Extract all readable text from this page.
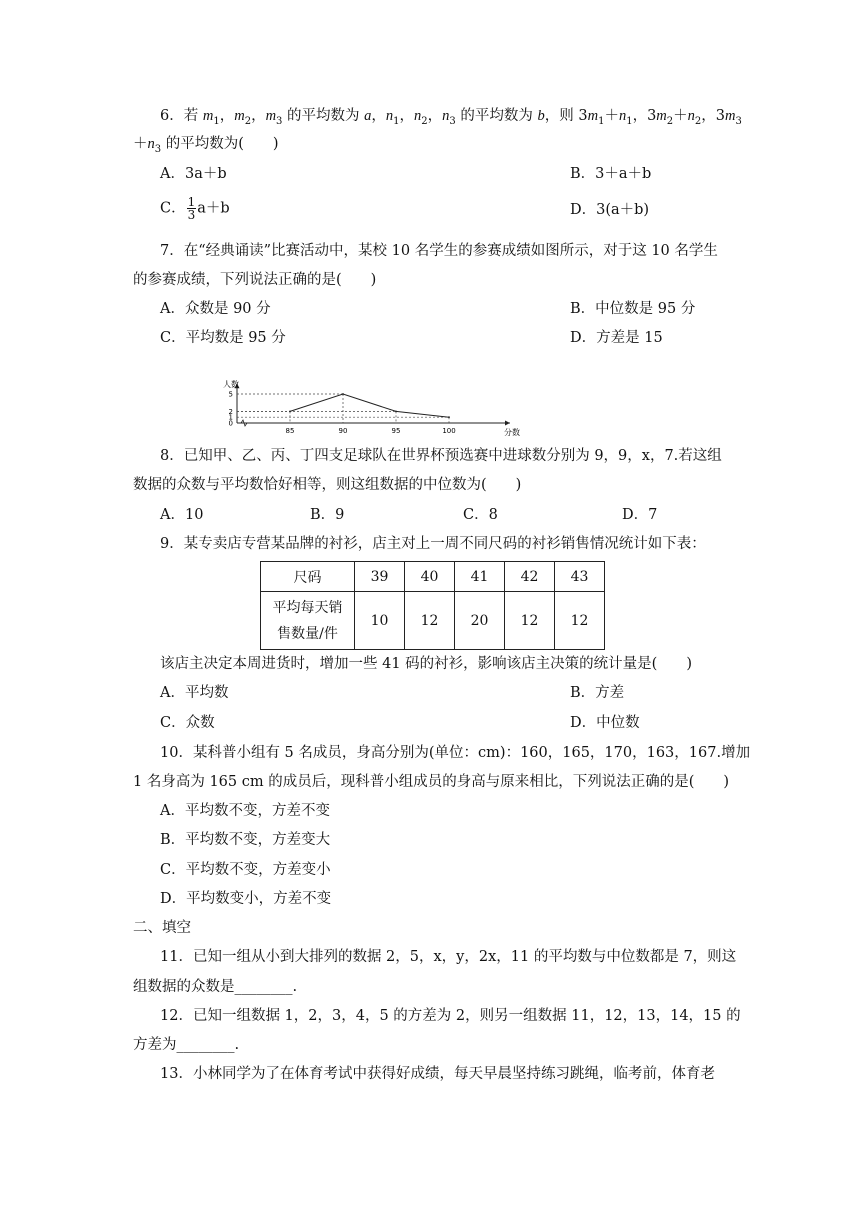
6．若 $m_1$，$m_2$，$m_3$ 的平均数为 a，$n_1$，$n_2$，$n_3$ 的平均数为 b，则 $3m_1+n_1$，$3m_2+n_2$，$3m_3$
$+n_3$ 的平均数为(　　)
A．3a＋b	B．3＋a＋b
C． $\frac{1}{3} a+b$	D．3(a＋b)
7．在“经典诵读”比赛活动中，某校 10 名学生的参赛成绩如图所示，对于这 10 名学生
的参赛成绩，下列说法正确的是(　　)
A．众数是 90 分	B．中位数是 95 分
C．平均数是 95 分	D．方差是 15
85	90	95	100
0
1
2
5
人数
分数
8．已知甲、乙、丙、丁四支足球队在世界杯预选赛中进球数分别为 9，9，x，7.若这组
数据的众数与平均数恰好相等，则这组数据的中位数为(　　)
A．10	B．9	C．8	D．7
9．某专卖店专营某品牌的衬衫，店主对上一周不同尺码的衬衫销售情况统计如下表：
尺码	39	40	41	42	43

平均每天销
售数量/件	10	12	20	12	12
该店主决定本周进货时，增加一些 41 码的衬衫，影响该店主决策的统计量是(　　)
A．平均数	B．方差
C．众数	D．中位数
10．某科普小组有 5 名成员，身高分别为(单位：cm)：160，165，170，163，167.增加
1 名身高为 165 cm 的成员后，现科普小组成员的身高与原来相比，下列说法正确的是(　　)
A．平均数不变，方差不变
B．平均数不变，方差变大
C．平均数不变，方差变小
D．平均数变小，方差不变
二、填空
11．已知一组从小到大排列的数据 2，5，x，y，2x，11 的平均数与中位数都是 7，则这
组数据的众数是________.
12．已知一组数据 1，2，3，4，5 的方差为 2，则另一组数据 11，12，13，14，15 的
方差为________.
13．小林同学为了在体育考试中获得好成绩，每天早晨坚持练习跳绳，临考前，体育老
